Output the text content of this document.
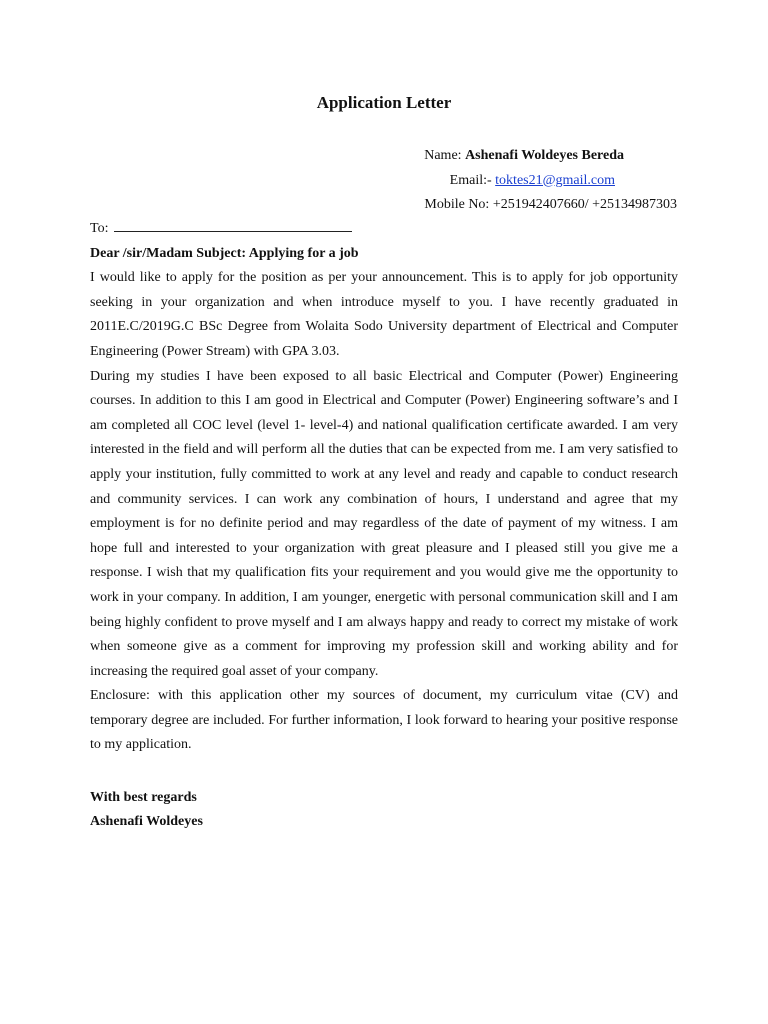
Application Letter
Name: Ashenafi Woldeyes Bereda
Email:- toktes21@gmail.com
Mobile No: +251942407660/ +25134987303
To:
Dear /sir/Madam Subject: Applying for a job

I would like to apply for the position as per your announcement. This is to apply for job opportunity seeking in your organization and when introduce myself to you. I have recently graduated in 2011E.C/2019G.C BSc Degree from Wolaita Sodo University department of Electrical and Computer Engineering (Power Stream) with GPA 3.03.

During my studies I have been exposed to all basic Electrical and Computer (Power) Engineering courses. In addition to this I am good in Electrical and Computer (Power) Engineering software’s and I am completed all COC level (level 1- level-4) and national qualification certificate awarded. I am very interested in the field and will perform all the duties that can be expected from me. I am very satisfied to apply your institution, fully committed to work at any level and ready and capable to conduct research and community services. I can work any combination of hours, I understand and agree that my employment is for no definite period and may regardless of the date of payment of my witness. I am hope full and interested to your organization with great pleasure and I pleased still you give me a response. I wish that my qualification fits your requirement and you would give me the opportunity to work in your company. In addition, I am younger, energetic with personal communication skill and I am being highly confident to prove myself and I am always happy and ready to correct my mistake of work when someone give as a comment for improving my profession skill and working ability and for increasing the required goal asset of your company.

Enclosure: with this application other my sources of document, my curriculum vitae (CV) and temporary degree are included. For further information, I look forward to hearing your positive response to my application.

With best regards
Ashenafi Woldeyes
